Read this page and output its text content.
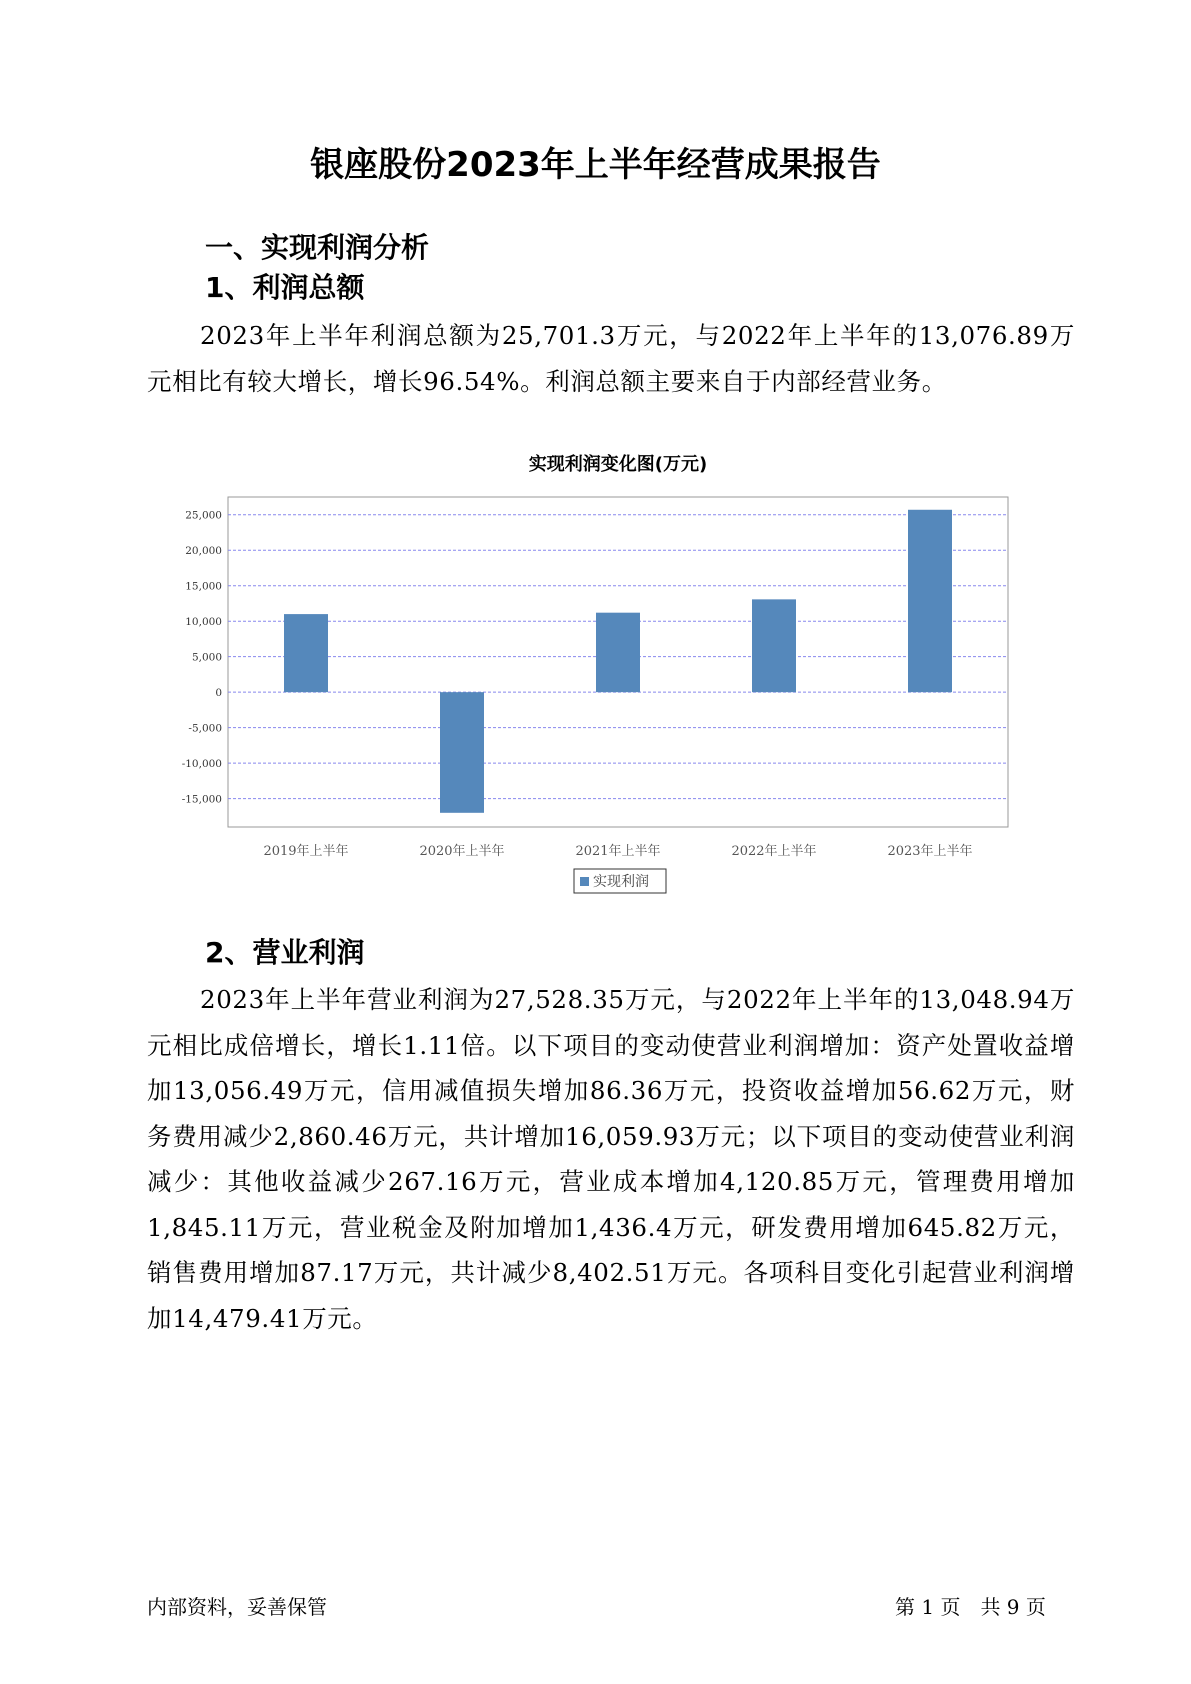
银座股份2023年上半年经营成果报告
一、实现利润分析
1、利润总额

2023年上半年利润总额为25,701.3万元，与2022年上半年的13,076.89万元相比有较大增长，增长96.54%。利润总额主要来自于内部经营业务。

实现利润变化图(万元)
25,000
20,000
15,000
10,000
5,000
0
-5,000
-10,000
-15,000
2019年上半年	2020年上半年	2021年上半年	2022年上半年	2023年上半年
实现利润
2、营业利润

2023年上半年营业利润为27,528.35万元，与2022年上半年的13,048.94万元相比成倍增长，增长1.11倍。以下项目的变动使营业利润增加：资产处置收益增加13,056.49万元，信用减值损失增加86.36万元，投资收益增加56.62万元，财务费用减少2,860.46万元，共计增加16,059.93万元；以下项目的变动使营业利润减少：其他收益减少267.16万元，营业成本增加4,120.85万元，管理费用增加1,845.11万元，营业税金及附加增加1,436.4万元，研发费用增加645.82万元，销售费用增加87.17万元，共计减少8,402.51万元。各项科目变化引起营业利润增加14,479.41万元。

内部资料，妥善保管	第 1 页　共 9 页
